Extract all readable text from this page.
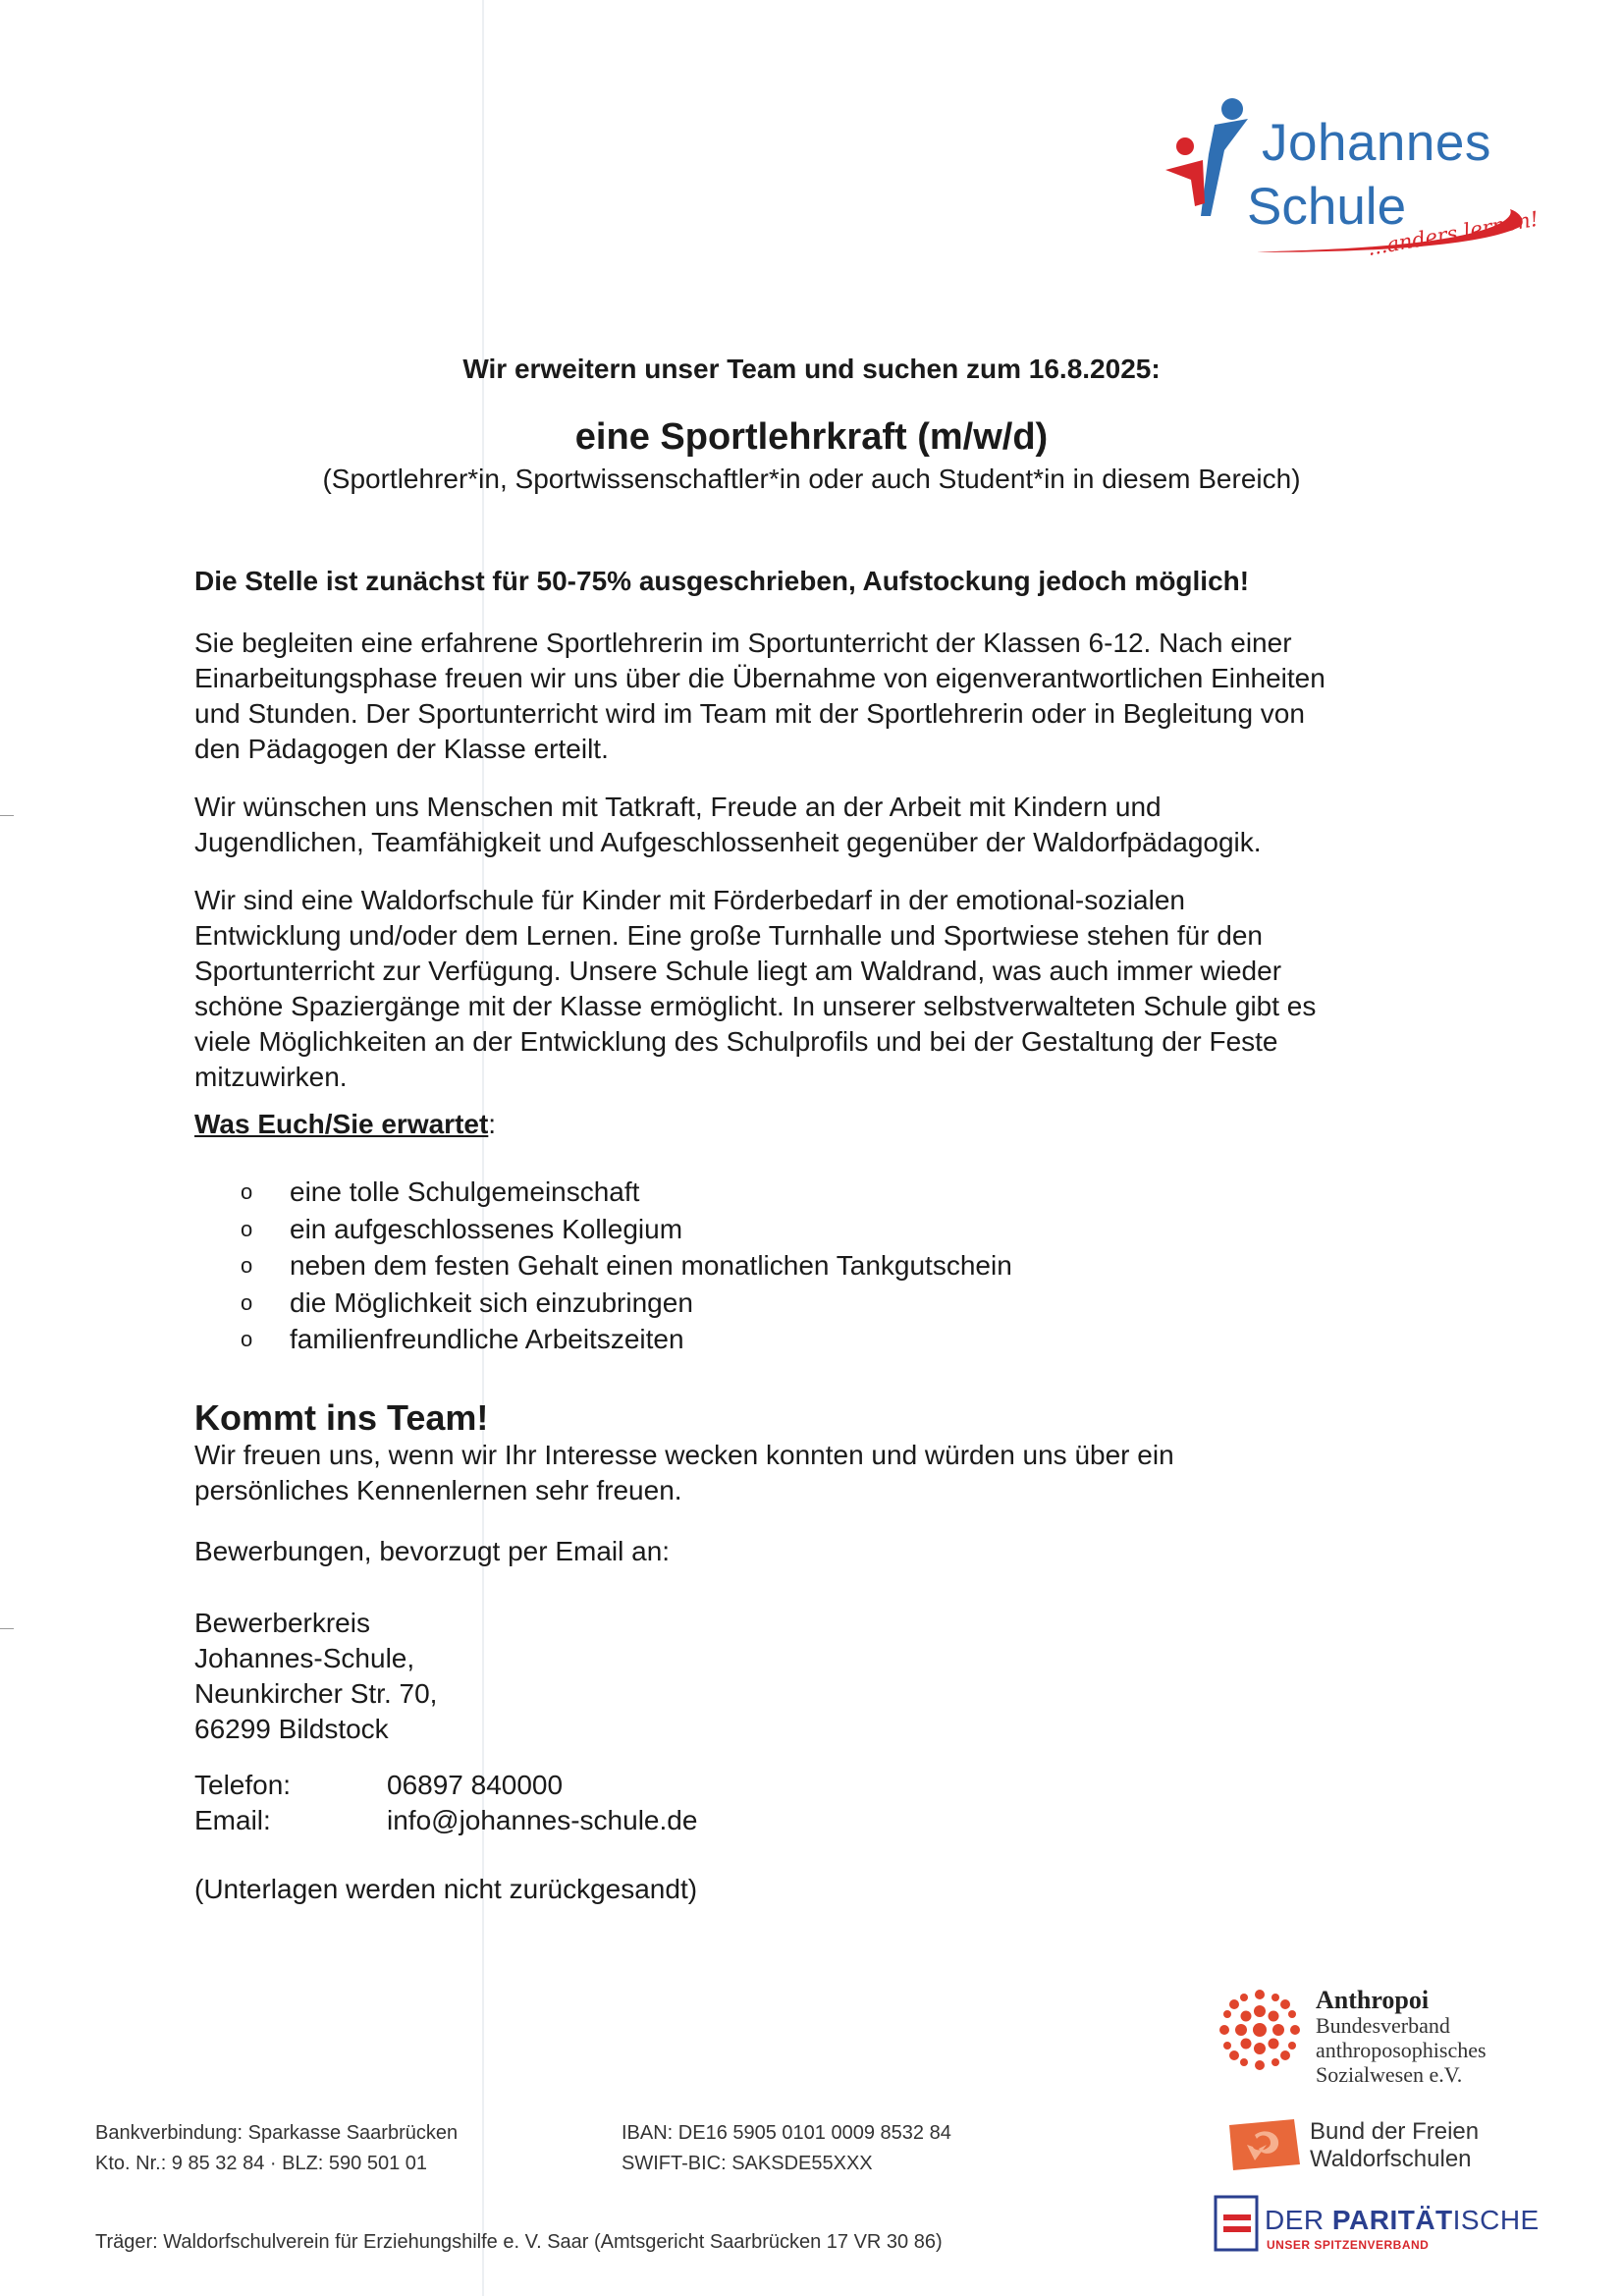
Johannes
Schule
...anders lernen!
Wir erweitern unser Team und suchen zum 16.8.2025:
eine Sportlehrkraft (m/w/d)
(Sportlehrer*in, Sportwissenschaftler*in oder auch Student*in in diesem Bereich)
Die Stelle ist zunächst für 50-75% ausgeschrieben, Aufstockung jedoch möglich!
Sie begleiten eine erfahrene Sportlehrerin im Sportunterricht der Klassen 6-12. Nach einer
Einarbeitungsphase freuen wir uns über die Übernahme von eigenverantwortlichen Einheiten
und Stunden. Der Sportunterricht wird im Team mit der Sportlehrerin oder in Begleitung von
den Pädagogen der Klasse erteilt.
Wir wünschen uns Menschen mit Tatkraft, Freude an der Arbeit mit Kindern und
Jugendlichen, Teamfähigkeit und Aufgeschlossenheit gegenüber der Waldorfpädagogik.
Wir sind eine Waldorfschule für Kinder mit Förderbedarf in der emotional-sozialen
Entwicklung und/oder dem Lernen. Eine große Turnhalle und Sportwiese stehen für den
Sportunterricht zur Verfügung. Unsere Schule liegt am Waldrand, was auch immer wieder
schöne Spaziergänge mit der Klasse ermöglicht. In unserer selbstverwalteten Schule gibt es
viele Möglichkeiten an der Entwicklung des Schulprofils und bei der Gestaltung der Feste
mitzuwirken.
Was Euch/Sie erwartet:
o eine tolle Schulgemeinschaft
o ein aufgeschlossenes Kollegium
o neben dem festen Gehalt einen monatlichen Tankgutschein
o die Möglichkeit sich einzubringen
o familienfreundliche Arbeitszeiten
Kommt ins Team!
Wir freuen uns, wenn wir Ihr Interesse wecken konnten und würden uns über ein
persönliches Kennenlernen sehr freuen.
Bewerbungen, bevorzugt per Email an:
Bewerberkreis
Johannes-Schule,
Neunkircher Str. 70,
66299 Bildstock
Telefon:	06897 840000
Email:	info@johannes-schule.de
(Unterlagen werden nicht zurückgesandt)
Anthropoi
Bundesverband
anthroposophisches
Sozialwesen e.V.
Bund der Freien
Waldorfschulen
DER PARITÄTISCHE
UNSER SPITZENVERBAND
Bankverbindung: Sparkasse Saarbrücken
Kto. Nr.: 9 85 32 84 · BLZ: 590 501 01
IBAN: DE16 5905 0101 0009 8532 84
SWIFT-BIC: SAKSDE55XXX
Träger: Waldorfschulverein für Erziehungshilfe e. V. Saar (Amtsgericht Saarbrücken 17 VR 30 86)
